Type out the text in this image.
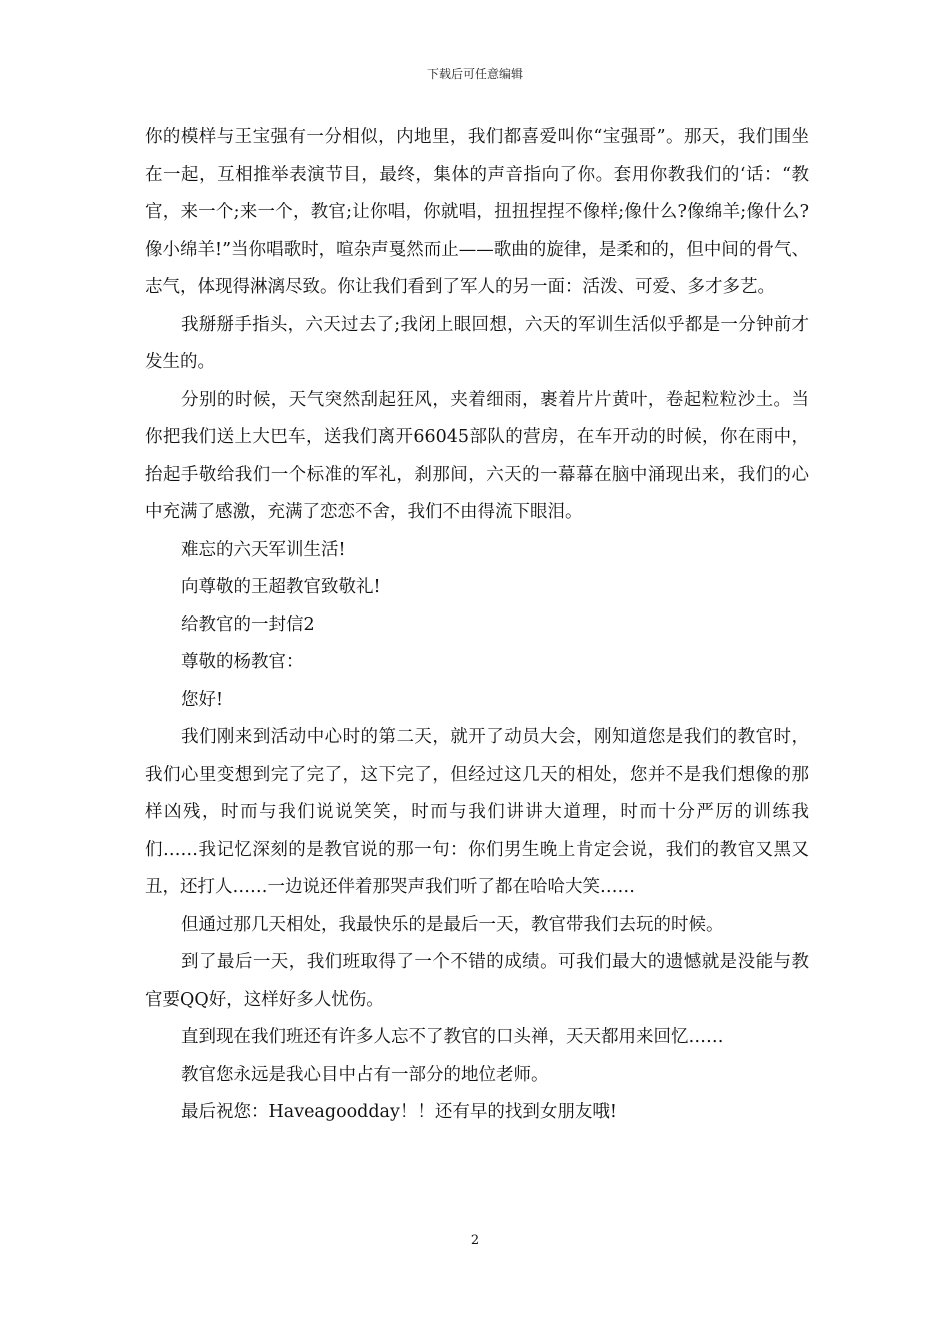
下载后可任意编辑

你的模样与王宝强有一分相似，内地里，我们都喜爱叫你“宝强哥”。那天，我们围坐在一起，互相推举表演节目，最终，集体的声音指向了你。套用你教我们的‘话：“教官，来一个;来一个，教官;让你唱，你就唱，扭扭捏捏不像样;像什么?像绵羊;像什么?像小绵羊!”当你唱歌时，喧杂声戛然而止——歌曲的旋律，是柔和的，但中间的骨气、志气，体现得淋漓尽致。你让我们看到了军人的另一面：活泼、可爱、多才多艺。

我掰掰手指头，六天过去了;我闭上眼回想，六天的军训生活似乎都是一分钟前才发生的。

分别的时候，天气突然刮起狂风，夹着细雨，裹着片片黄叶，卷起粒粒沙土。当你把我们送上大巴车，送我们离开66045部队的营房，在车开动的时候，你在雨中，抬起手敬给我们一个标准的军礼，刹那间，六天的一幕幕在脑中涌现出来，我们的心中充满了感激，充满了恋恋不舍，我们不由得流下眼泪。

难忘的六天军训生活!

向尊敬的王超教官致敬礼!

给教官的一封信2

尊敬的杨教官：

您好!

我们刚来到活动中心时的第二天，就开了动员大会，刚知道您是我们的教官时，我们心里变想到完了完了，这下完了，但经过这几天的相处，您并不是我们想像的那样凶残，时而与我们说说笑笑，时而与我们讲讲大道理，时而十分严厉的训练我们……我记忆深刻的是教官说的那一句：你们男生晚上肯定会说，我们的教官又黑又丑，还打人……一边说还伴着那哭声我们听了都在哈哈大笑……

但通过那几天相处，我最快乐的是最后一天，教官带我们去玩的时候。

到了最后一天，我们班取得了一个不错的成绩。可我们最大的遗憾就是没能与教官要QQ好，这样好多人忧伤。

直到现在我们班还有许多人忘不了教官的口头禅，天天都用来回忆……

教官您永远是我心目中占有一部分的地位老师。

最后祝您：Haveagoodday！！还有早的找到女朋友哦!

2
